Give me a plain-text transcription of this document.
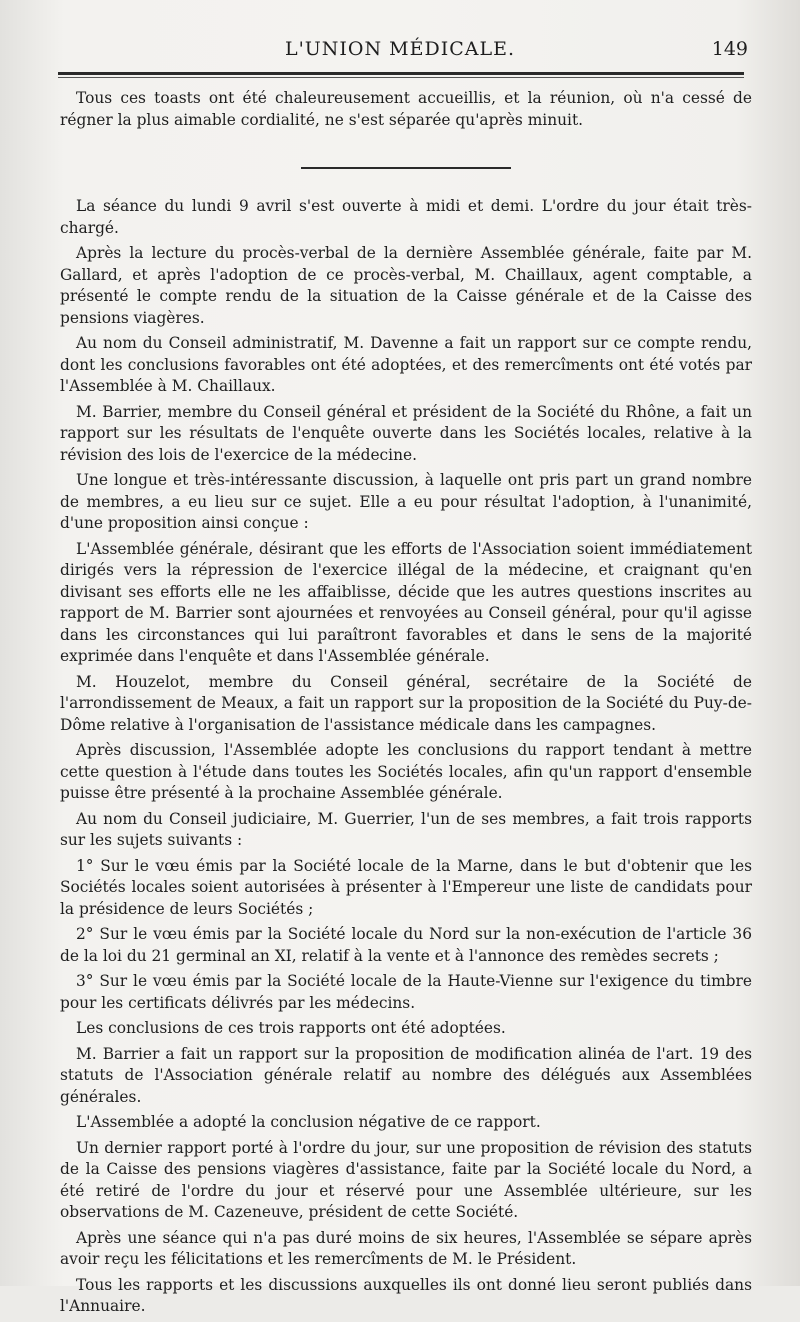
L'UNION MÉDICALE.	149

Tous ces toasts ont été chaleureusement accueillis, et la réunion, où n'a cessé de régner la plus aimable cordialité, ne s'est séparée qu'après minuit.

La séance du lundi 9 avril s'est ouverte à midi et demi. L'ordre du jour était très-chargé.

Après la lecture du procès-verbal de la dernière Assemblée générale, faite par M. Gallard, et après l'adoption de ce procès-verbal, M. Chaillaux, agent comptable, a présenté le compte rendu de la situation de la Caisse générale et de la Caisse des pensions viagères.

Au nom du Conseil administratif, M. Davenne a fait un rapport sur ce compte rendu, dont les conclusions favorables ont été adoptées, et des remercîments ont été votés par l'Assemblée à M. Chaillaux.

M. Barrier, membre du Conseil général et président de la Société du Rhône, a fait un rapport sur les résultats de l'enquête ouverte dans les Sociétés locales, relative à la révision des lois de l'exercice de la médecine.

Une longue et très-intéressante discussion, à laquelle ont pris part un grand nombre de membres, a eu lieu sur ce sujet. Elle a eu pour résultat l'adoption, à l'unanimité, d'une proposition ainsi conçue :

L'Assemblée générale, désirant que les efforts de l'Association soient immédiatement dirigés vers la répression de l'exercice illégal de la médecine, et craignant qu'en divisant ses efforts elle ne les affaiblisse, décide que les autres questions inscrites au rapport de M. Barrier sont ajournées et renvoyées au Conseil général, pour qu'il agisse dans les circonstances qui lui paraîtront favorables et dans le sens de la majorité exprimée dans l'enquête et dans l'Assemblée générale.

M. Houzelot, membre du Conseil général, secrétaire de la Société de l'arrondissement de Meaux, a fait un rapport sur la proposition de la Société du Puy-de-Dôme relative à l'organisation de l'assistance médicale dans les campagnes.

Après discussion, l'Assemblée adopte les conclusions du rapport tendant à mettre cette question à l'étude dans toutes les Sociétés locales, afin qu'un rapport d'ensemble puisse être présenté à la prochaine Assemblée générale.

Au nom du Conseil judiciaire, M. Guerrier, l'un de ses membres, a fait trois rapports sur les sujets suivants :

1° Sur le vœu émis par la Société locale de la Marne, dans le but d'obtenir que les Sociétés locales soient autorisées à présenter à l'Empereur une liste de candidats pour la présidence de leurs Sociétés ;

2° Sur le vœu émis par la Société locale du Nord sur la non-exécution de l'article 36 de la loi du 21 germinal an XI, relatif à la vente et à l'annonce des remèdes secrets ;

3° Sur le vœu émis par la Société locale de la Haute-Vienne sur l'exigence du timbre pour les certificats délivrés par les médecins.

Les conclusions de ces trois rapports ont été adoptées.

M. Barrier a fait un rapport sur la proposition de modification alinéa de l'art. 19 des statuts de l'Association générale relatif au nombre des délégués aux Assemblées générales.

L'Assemblée a adopté la conclusion négative de ce rapport.

Un dernier rapport porté à l'ordre du jour, sur une proposition de révision des statuts de la Caisse des pensions viagères d'assistance, faite par la Société locale du Nord, a été retiré de l'ordre du jour et réservé pour une Assemblée ultérieure, sur les observations de M. Cazeneuve, président de cette Société.

Après une séance qui n'a pas duré moins de six heures, l'Assemblée se sépare après avoir reçu les félicitations et les remercîments de M. le Président.

Tous les rapports et les discussions auxquelles ils ont donné lieu seront publiés dans l'Annuaire.
